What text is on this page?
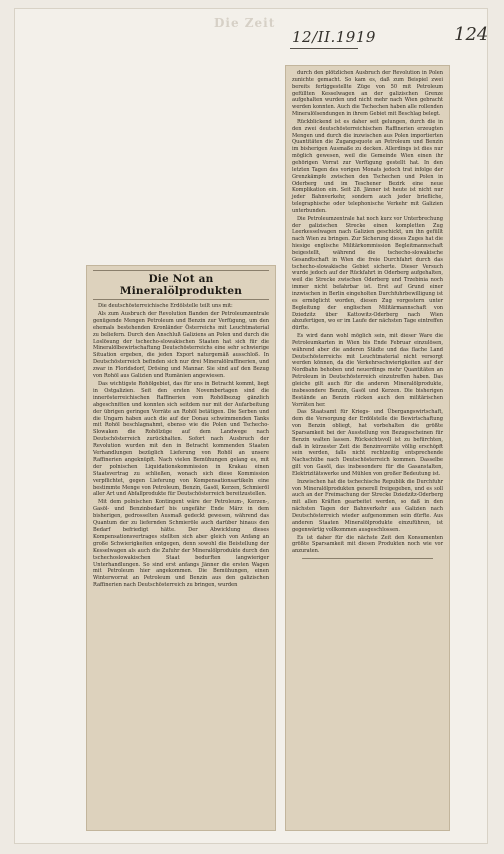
Die Zeit
12/II.1919	124

durch den plötzlichen Ausbruch der Revolution in Polen zunichte gemacht. So kam es, daß zum Beispiel zwei bereits fertiggestellte Züge von 50 mit Petroleum gefüllten Kesselwagen an der galizischen Grenze aufgehalten wurden und nicht mehr nach Wien gebracht werden konnten. Auch die Tschechen haben alle rollenden Mineralölsendungen in ihrem Gebiet mit Beschlag belegt.

Rückblickend ist es daher seit gelungen, durch die in den zwei deutschösterreichischen Raffinerien erzeugten Mengen und durch die inzwischen aus Polen importierten Quantitäten die Zugangsquote an Petroleum und Benzin im bisherigen Ausmaße zu decken. Allerdings ist dies nur möglich gewesen, weil die Gemeinde Wien einen ihr gehörigen Vorrat zur Verfügung gestellt hat. In den letzten Tagen des vorigen Monats jedoch trat infolge der Grenzkämpfe zwischen den Tschechen und Polen in Oderberg und im Teschener Bezirk eine neue Komplikation ein. Seit 28. Jänner ist heute ist nicht nur jeder Bahnverkehr, sondern auch jeder briefliche, telegraphische oder telephonische Verkehr mit Galizien unterbunden.

Die Petroleumzentrale hat noch kurz vor Unterbrechung der galizischen Strecke einen kompletten Zug Leerkesselwagen nach Galizien geschickt, um ihn gefüllt nach Wien zu bringen. Zur Sicherung dieses Zuges hat die hiesige englische Militärkommission Begleitmannschaft beigestellt, während die tschecho-slowakische Gesandtschaft in Wien die freie Durchfahrt durch das tschecho-slowakische Gebiet sicherte. Dieser Versuch wurde jedoch auf der Rückfahrt in Oderberg aufgehalten, weil die Strecke zwischen Oderberg und Trzebinia noch immer nicht befahrbar ist. Erst auf Grund einer inzwischen in Berlin eingeholten Durchfuhrbewilligung ist es ermöglicht worden, diesen Zug vorgestern unter Begleitung der englischen Militärmannschaft von Dziedzitz über Kattowitz-Oderberg nach Wien abzufertigen, wo er im Laufe der nächsten Tage eintreffen dürfte.

Es wird dann wohl möglich sein, mit dieser Ware die Petroleumkarten in Wien bis Ende Februar einzulösen, während aber die anderen Städte und das flache Land Deutschösterreichs mit Leuchtmaterial nicht versorgt werden können, da die Verkehrsschwierigkeiten auf der Nordbahn behoben und neuerdings mehr Quantitäten an Petroleum in Deutschösterreich einzutreffen haben. Das gleiche gilt auch für die anderen Mineralölprodukte, insbesondere Benzin, Gasöl und Kerzen. Die bisherigen Bestände an Benzin rücken auch den militärischen Vorräten her.

Das Staatsamt für Kriegs- und Übergangswirtschaft, dem die Versorgung der Erdölstelle die Bewirtschaftung von Benzin obliegt, hat vorbehalten die größte Sparsamkeit bei der Ausstellung von Bezugsscheinen für Benzin walten lassen. Rücksichtsvoll ist zu befürchten, daß in kürzester Zeit die Benzinvorräte völlig erschöpft sein werden, falls nicht rechtzeitig entsprechende Nachschübe nach Deutschösterreich kommen. Dasselbe gilt von Gasöl, das insbesondere für die Gasanstalten, Elektrizitätswerke und Mühlen von großer Bedeutung ist.

Inzwischen hat die tschechische Republik die Durchfuhr von Mineralölprodukten generell freigegeben, und es soll auch an der Freimachung der Strecke Dziedzitz-Oderberg mit allen Kräften gearbeitet werden, so daß in den nächsten Tagen der Bahnverkehr aus Galizien nach Deutschösterreich wieder aufgenommen sein dürfte. Aus anderen Staaten Mineralölprodukte einzuführen, ist gegenwärtig vollkommen ausgeschlossen.

Es ist daher für die nächste Zeit den Konsumenten größte Sparsamkeit mit diesen Produkten noch wie vor anzuraten.

Die Not an Mineralölprodukten

Die deutschösterreichische Erdölstelle teilt uns mit:

Als zum Ausbruch der Revolution Banden der Petroleumzentrale genügende Mengen Petroleum und Benzin zur Verfügung, um den ehemals bestehenden Kronländer Österreichs mit Leuchtmaterial zu beliefern. Durch den Anschluß Galiziens an Polen und durch die Loslösung der tschecho-slowakischen Staaten hat sich für die Mineralölbewirtschaftung Deutschösterreichs eine sehr schwierige Situation ergeben, die jeden Export naturgemäß ausschloß. In Deutschösterreich befinden sich nur drei Mineralölraffinerien, und zwar in Floridsdorf, Drösing und Mannar. Sie sind auf den Bezug von Rohöl aus Galizien und Rumänien angewiesen.

Das wichtigste Rohölgebiet, das für uns in Betracht kommt, liegt in Ostgalizien. Seit den ersten Novembertagen sind die innerösterreichischen Raffinerien vom Rohölbezug gänzlich abgeschnitten und konnten sich seitdem nur mit der Aufarbeitung der übrigen geringen Vorräte an Rohöl betätigen. Die Serben und die Ungarn haben auch die auf der Donau schwimmenden Tanks mit Rohöl beschlagnahmt, ebenso wie die Polen und Tschecho-Slowaken die Rohölzüge auf dem Landwege nach Deutschösterreich zurückhalten. Sofort nach Ausbruch der Revolution wurden mit den in Betracht kommenden Staaten Verhandlungen bezüglich Lieferung von Rohöl an unsere Raffinerien angeknüpft. Nach vielen Bemühungen gelang es, mit der polnischen Liquidationskommission in Krakau einen Staatsvertrag zu schließen, wonach sich diese Kommission verpflichtet, gegen Lieferung von Kompensationsartikeln eine bestimmte Menge von Petroleum, Benzin, Gasöl, Kerzen, Schmieröl aller Art und Abfallprodukte für Deutschösterreich bereitzustellen.

Mit dem polnischen Kontingent wäre der Petroleum-, Kerzen-, Gasöl- und Benzinbedarf bis ungefähr Ende März in dem bisherigen, gedrosselten Ausmaß gedeckt gewesen, während das Quantum der zu liefernden Schmieröle auch darüber hinaus den Bedarf befriedigt hätte. Der Abwicklung dieses Kompensationsvertrages stellten sich aber gleich von Anfang an große Schwierigkeiten entgegen, denn sowohl die Beistellung der Kesselwagen als auch die Zufuhr der Mineralölprodukte durch den tschechoslowakischen Staat bedurften langwieriger Unterhandlungen. So sind erst anfangs Jänner die ersten Wagen mit Petroleum hier angekommen. Die Bemühungen, einen Winterworrat an Petroleum und Benzin aus den galizischen Raffinerien nach Deutschösterreich zu bringen, wurden
